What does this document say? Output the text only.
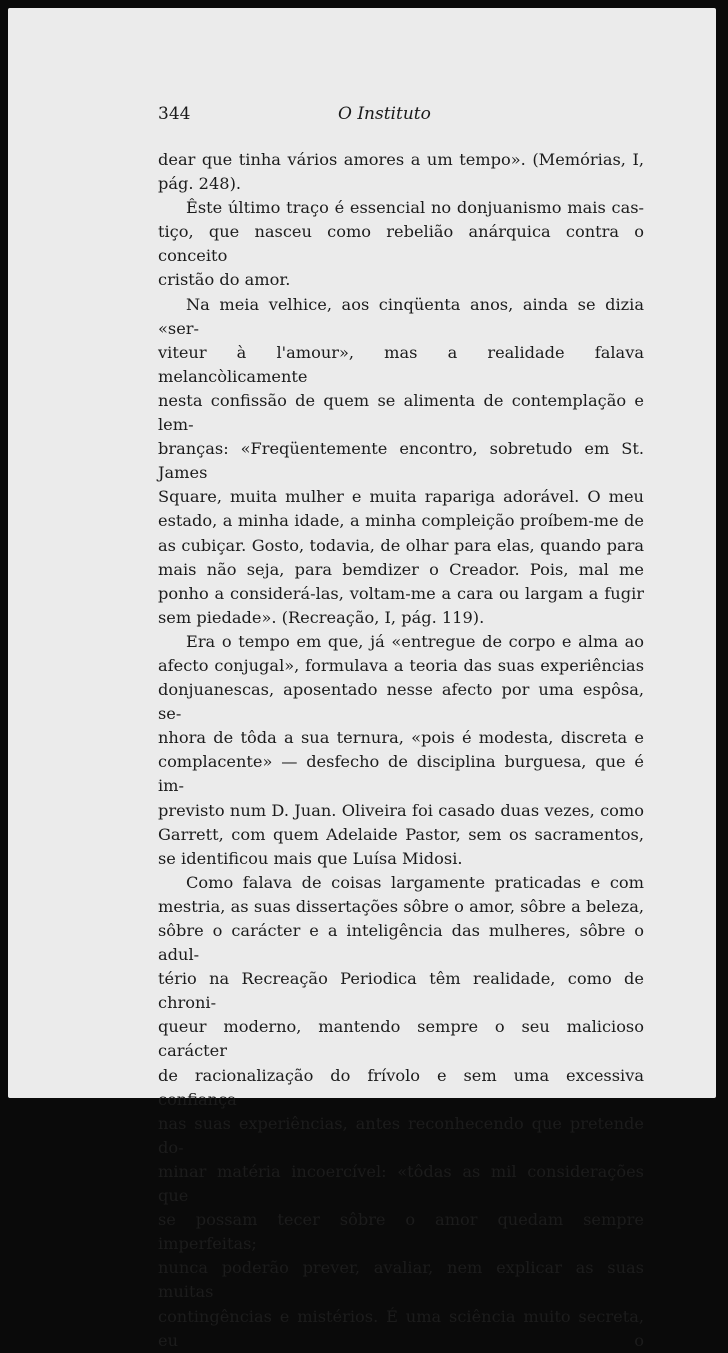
344	O Instituto
dear que tinha vários amores a um tempo». (Memórias, I,
pág. 248).
Êste último traço é essencial no donjuanismo mais cas-
tiço, que nasceu como rebelião anárquica contra o conceito
cristão do amor.
Na meia velhice, aos cinqüenta anos, ainda se dizia «ser-
viteur à l'amour», mas a realidade falava melancòlicamente
nesta confissão de quem se alimenta de contemplação e lem-
branças: «Freqüentemente encontro, sobretudo em St. James
Square, muita mulher e muita rapariga adorável. O meu
estado, a minha idade, a minha compleição proíbem-me de
as cubiçar. Gosto, todavia, de olhar para elas, quando para
mais não seja, para bemdizer o Creador. Pois, mal me
ponho a considerá-las, voltam-me a cara ou largam a fugir
sem piedade». (Recreação, I, pág. 119).
Era o tempo em que, já «entregue de corpo e alma ao
afecto conjugal», formulava a teoria das suas experiências
donjuanescas, aposentado nesse afecto por uma espôsa, se-
nhora de tôda a sua ternura, «pois é modesta, discreta e
complacente» — desfecho de disciplina burguesa, que é im-
previsto num D. Juan. Oliveira foi casado duas vezes, como
Garrett, com quem Adelaide Pastor, sem os sacramentos,
se identificou mais que Luísa Midosi.
Como falava de coisas largamente praticadas e com
mestria, as suas dissertações sôbre o amor, sôbre a beleza,
sôbre o carácter e a inteligência das mulheres, sôbre o adul-
tério na Recreação Periodica têm realidade, como de chroni-
queur moderno, mantendo sempre o seu malicioso carácter
de racionalização do frívolo e sem uma excessiva confiança
nas suas experiências, antes reconhecendo que pretende do-
minar matéria incoercível: «tôdas as mil considerações que
se possam tecer sôbre o amor quedam sempre imperfeitas;
nunca poderão prever, avaliar, nem explicar as suas muitas
contingências e mistérios. É uma sciência muito secreta, eu o
